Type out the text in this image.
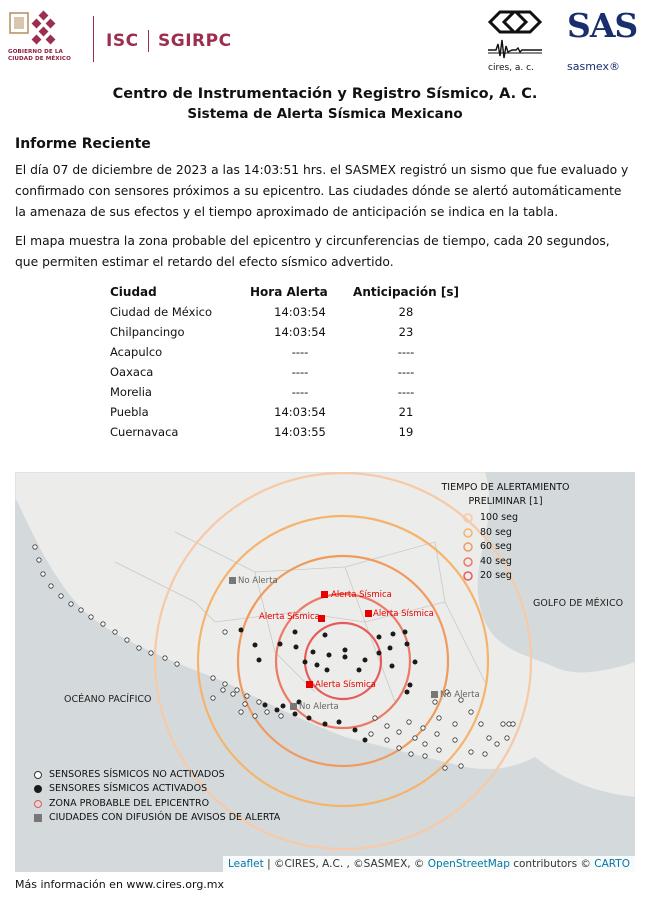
GOBIERNO DE LA
CIUDAD DE MÉXICO
ISC SGIRPC
cires, a. c.
SAS
sasmex®
Centro de Instrumentación y Registro Sísmico, A. C.
Sistema de Alerta Sísmica Mexicano
Informe Reciente
El día 07 de diciembre de 2023 a las 14:03:51 hrs. el SASMEX registró un sismo que fue evaluado y confirmado con sensores próximos a su epicentro. Las ciudades dónde se alertó automáticamente la amenaza de sus efectos y el tiempo aproximado de anticipación se indica en la tabla.
El mapa muestra la zona probable del epicentro y circunferencias de tiempo, cada 20 segundos, que permiten estimar el retardo del efecto sísmico advertido.
Ciudad	Hora Alerta	Anticipación [s]
Ciudad de México	14:03:54	28
Chilpancingo	14:03:54	23
Acapulco	----	----
Oaxaca	----	----
Morelia	----	----
Puebla	14:03:54	21
Cuernavaca	14:03:55	19
OCÉANO PACÍFICO
GOLFO DE MÉXICO
Alerta Sísmica
Alerta Sísmica
Alerta Sísmica
Alerta Sísmica
No Alerta
No Alerta
No Alerta
TIEMPO DE ALERTAMIENTO
PRELIMINAR [1]
100 seg
80 seg
60 seg
40 seg
20 seg
SENSORES SÍSMICOS NO ACTIVADOS
SENSORES SÍSMICOS ACTIVADOS
ZONA PROBABLE DEL EPICENTRO
CIUDADES CON DIFUSIÓN DE AVISOS DE ALERTA
Leaflet | ©CIRES, A.C. , ©SASMEX, © OpenStreetMap contributors © CARTO
Más información en www.cires.org.mx
